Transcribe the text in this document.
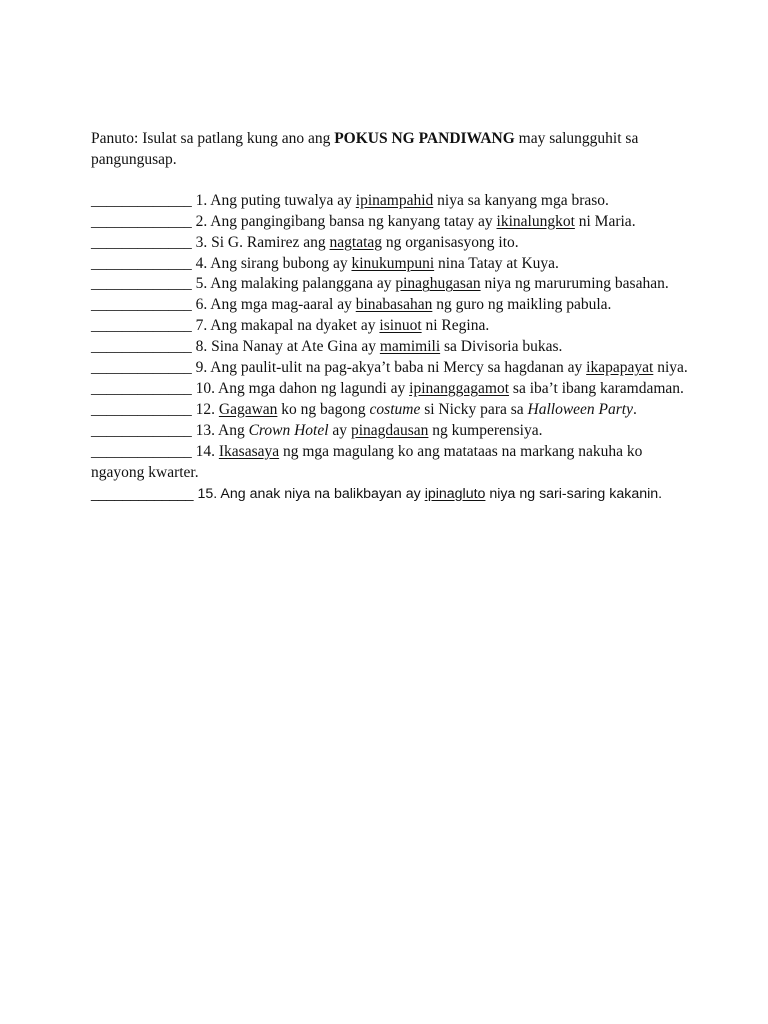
Panuto: Isulat sa patlang kung ano ang POKUS NG PANDIWANG may salungguhit sa pangungusap.

_____________ 1. Ang puting tuwalya ay ipinampahid niya sa kanyang mga braso.

_____________ 2. Ang pangingibang bansa ng kanyang tatay ay ikinalungkot ni Maria.

_____________ 3. Si G. Ramirez ang nagtatag ng organisasyong ito.

_____________ 4. Ang sirang bubong ay kinukumpuni nina Tatay at Kuya.

_____________ 5. Ang malaking palanggana ay pinaghugasan niya ng maruruming basahan.

_____________ 6. Ang mga mag-aaral ay binabasahan ng guro ng maikling pabula.

_____________ 7. Ang makapal na dyaket ay isinuot ni Regina.

_____________ 8. Sina Nanay at Ate Gina ay mamimili sa Divisoria bukas.

_____________ 9. Ang paulit-ulit na pag-akya’t baba ni Mercy sa hagdanan ay ikapapayat niya.

_____________ 10. Ang mga dahon ng lagundi ay ipinanggagamot sa iba’t ibang karamdaman.

_____________ 12. Gagawan ko ng bagong costume si Nicky para sa Halloween Party.

_____________ 13. Ang Crown Hotel ay pinagdausan ng kumperensiya.

_____________ 14. Ikasasaya ng mga magulang ko ang matataas na markang nakuha ko ngayong kwarter.

_____________ 15. Ang anak niya na balikbayan ay ipinagluto niya ng sari-saring kakanin.
